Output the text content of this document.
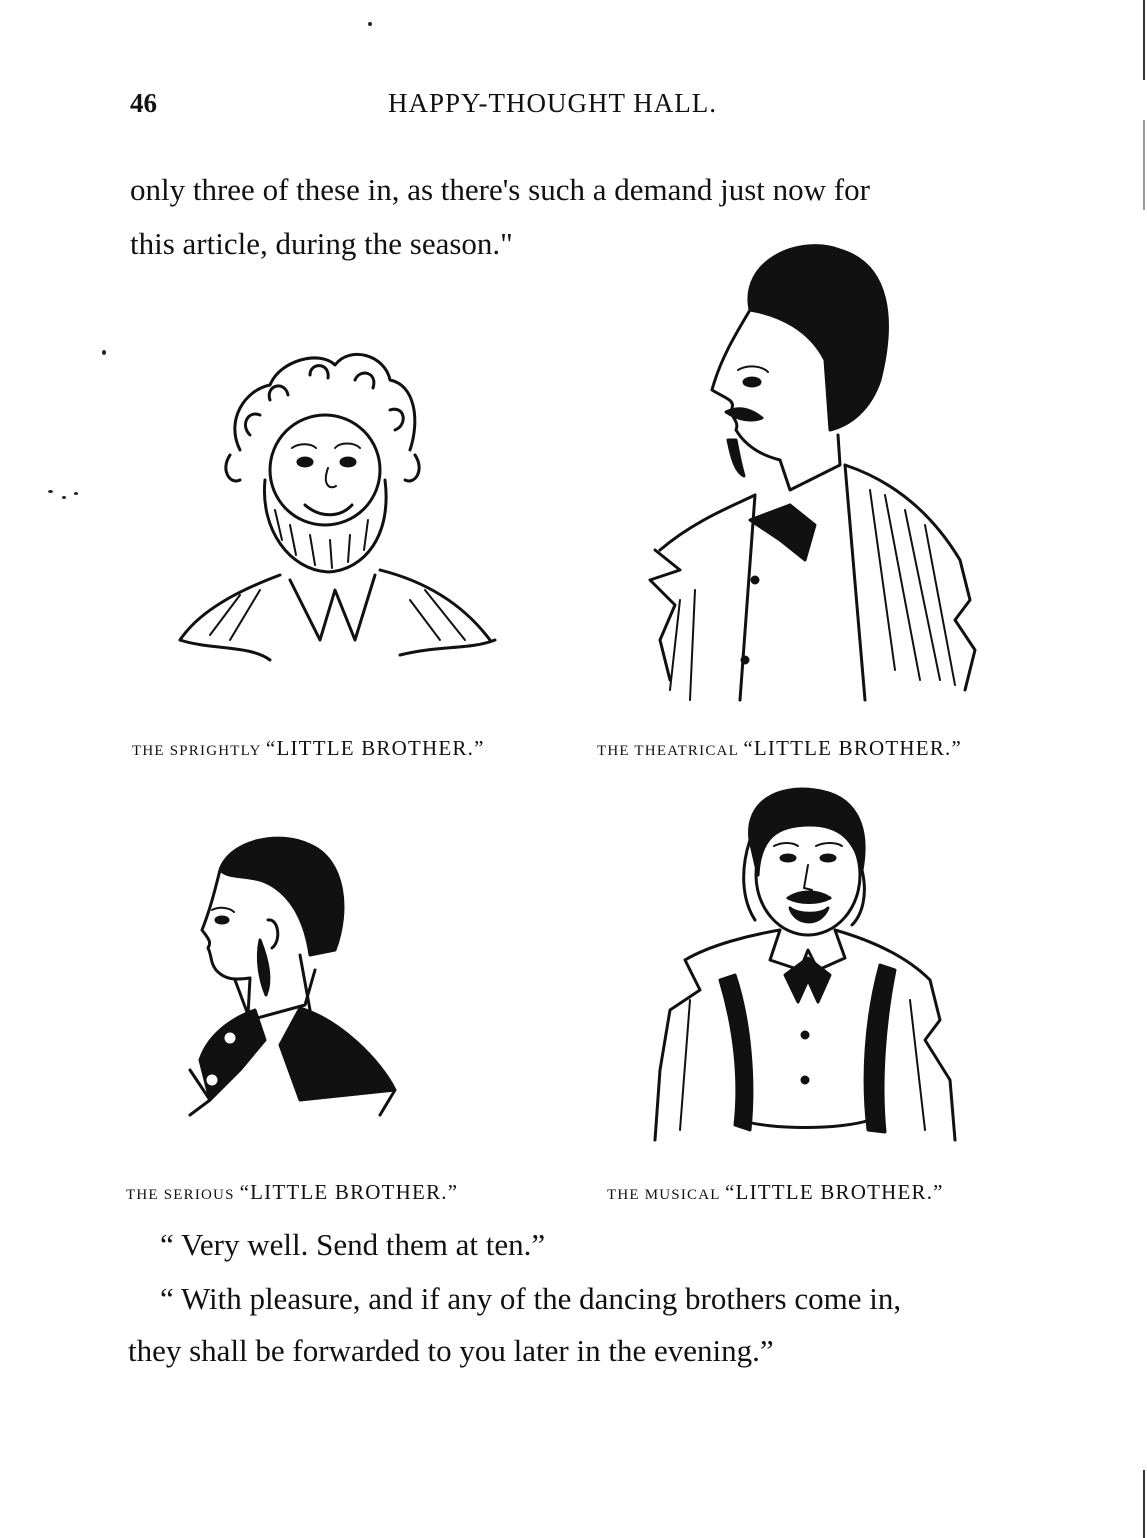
46	HAPPY-THOUGHT HALL.
only three of these in, as there's such a demand just now for
this article, during the season."
THE SPRIGHTLY “LITTLE BROTHER.”	THE THEATRICAL “LITTLE BROTHER.”
THE SERIOUS “LITTLE BROTHER.”	THE MUSICAL “LITTLE BROTHER.”
“ Very well. Send them at ten.”
“ With pleasure, and if any of the dancing brothers come in,
they shall be forwarded to you later in the evening.”
